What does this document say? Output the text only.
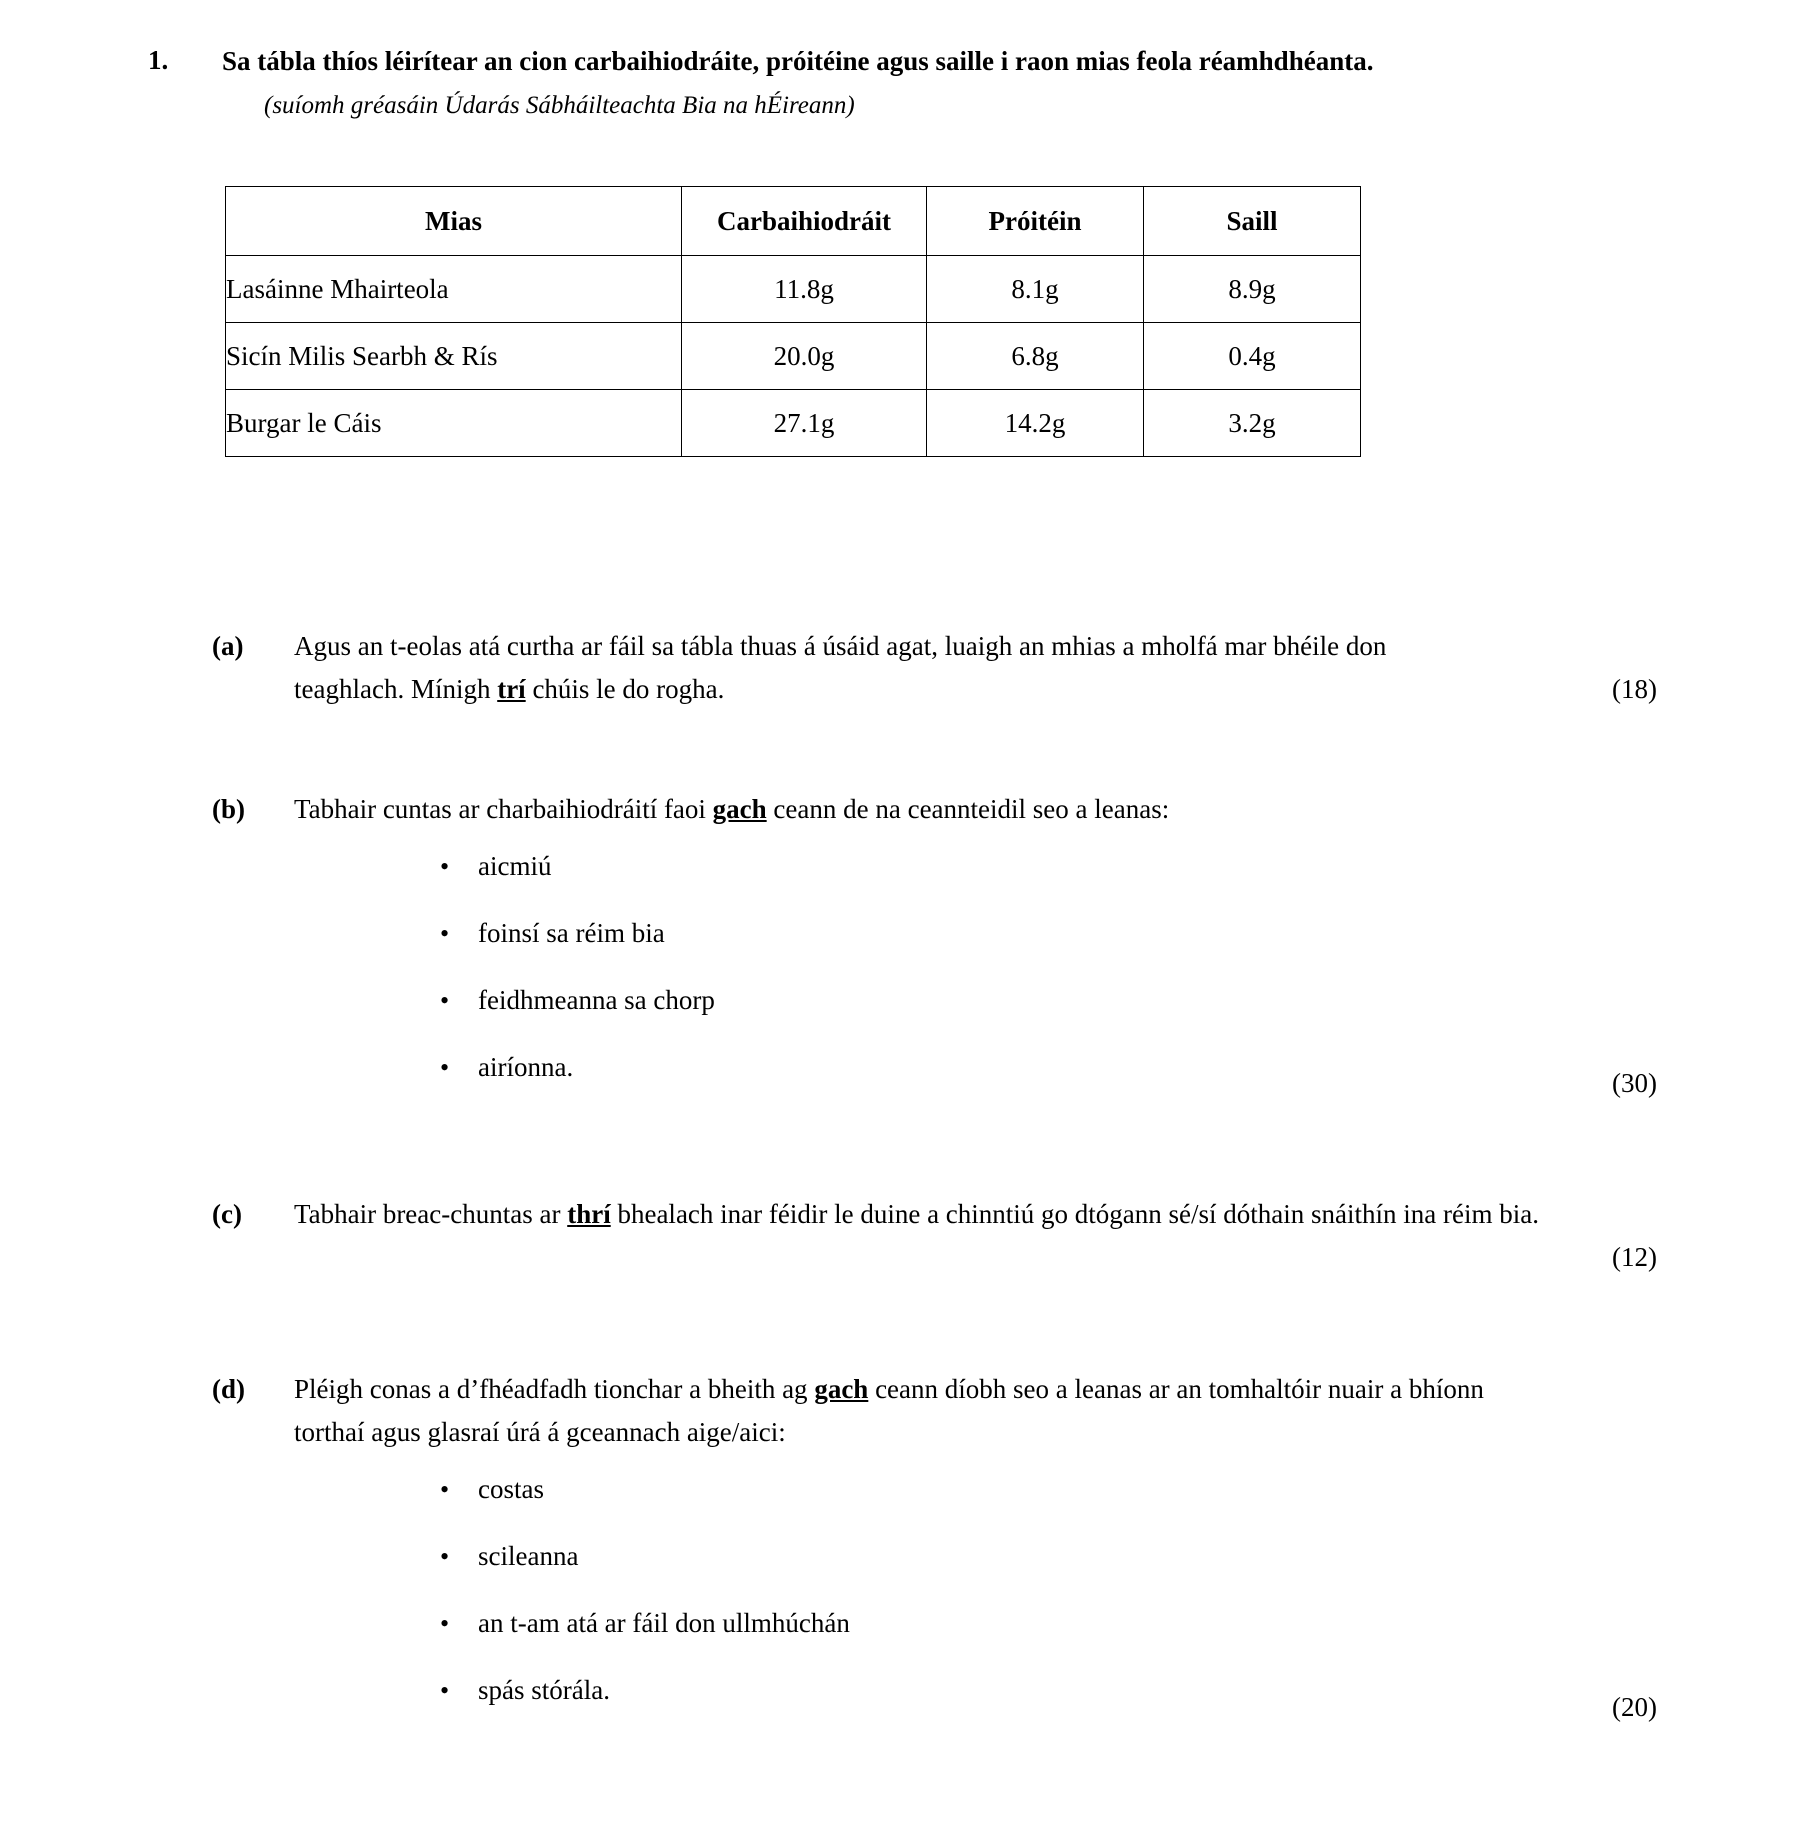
1. Sa tábla thíos léirítear an cion carbaihiodráite, próitéine agus saille i raon mias feola réamhdhéanta.(suíomh gréasáin Údarás Sábháilteachta Bia na hÉireann)
Mias	Carbaihiodráit	Próitéin	Saill
Lasáinne Mhairteola	11.8g	8.1g	8.9g
Sicín Milis Searbh & Rís	20.0g	6.8g	0.4g
Burgar le Cáis	27.1g	14.2g	3.2g
(a)	Agus an t-eolas atá curtha ar fáil sa tábla thuas á úsáid agat, luaigh an mhias a mholfá mar bhéile don teaghlach. Mínigh trí chúis le do rogha.	(18)
(b)	Tabhair cuntas ar charbaihiodráití faoi gach ceann de na ceannteidil seo a leanas:
• aicmiú
• foinsí sa réim bia
• feidhmeanna sa chorp
• airíonna.
(30)
(c)	Tabhair breac-chuntas ar thrí bhealach inar féidir le duine a chinntiú go dtógann sé/sí dóthain snáithín ina réim bia.
(12)
(d)	Pléigh conas a d’fhéadfadh tionchar a bheith ag gach ceann díobh seo a leanas ar an tomhaltóir nuair a bhíonn torthaí agus glasraí úrá á gceannach aige/aici:
• costas
• scileanna
• an t-am atá ar fáil don ullmhúchán
• spás stórála.
(20)
